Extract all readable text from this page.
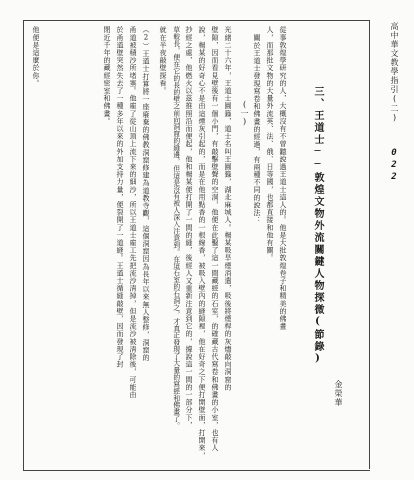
高中華文教學指引(二)
022
他便是這麼於你。
三、
王道士──敦煌文物外流關鍵人物探微(節錄)
金榮華
從事敦煌學研究的人，大概沒有不曾聽說過王道士這人的。他是大批敦煌卷子和精美的佛畫
人，而那批文物的大量外流英、法、俄、日等國，也都直接和他有關。
關於王道士發現寫卷和佛畫的經過，有兩種不同的說法：
(一)
光緒二十六年，王道士圓籙，道士名叫王圓籙，湖北麻城人。楊某吸旱煙消遣，吸後將煙桿的灰燼敲向洞窟的
壁隙，因而看見壁後有一個小門，有敲擊壁聲的空洞，他便在此鑿了這一間藏經的石室，的確藏古代寫卷和佛畫的小室，也有人
說，楊某的好奇心不是由這煙灰引起的，而是在他用點香的一根線香，被吸入壁內的縫隙裡，他在好奇之下便打開壁面，打開來，
抄經之處，他燃火以茲推照沿而便起，他和楊某便打開了一間的縫，後經人又重新注意到它的，據說這一間的一部分下，
草較長，便在它的長的壁之前向洞窟的縫邊，但這是沒有被人深入注意到。在這石室的石洞之，才真正發現了大量的寫經和佛畫了。
就在半夜敲壁探看。
（2）王道士打算將一座廢棄的佛教洞窟修建為道教寺觀，這個洞窟因為長年以來無人整修，洞窟的
甬道被積沙所堵塞。他雇了從山頂上流下來的細沙，所以王道士雇工先把流沙清掉，但是流沙被清除後，可能由
於甬道壁突然失去了一種多年以來的外加支持力量，便裂開了一道縫。王道士循縫敲壁，因而發現了封
閉近千年的藏經密室和佛畫。
